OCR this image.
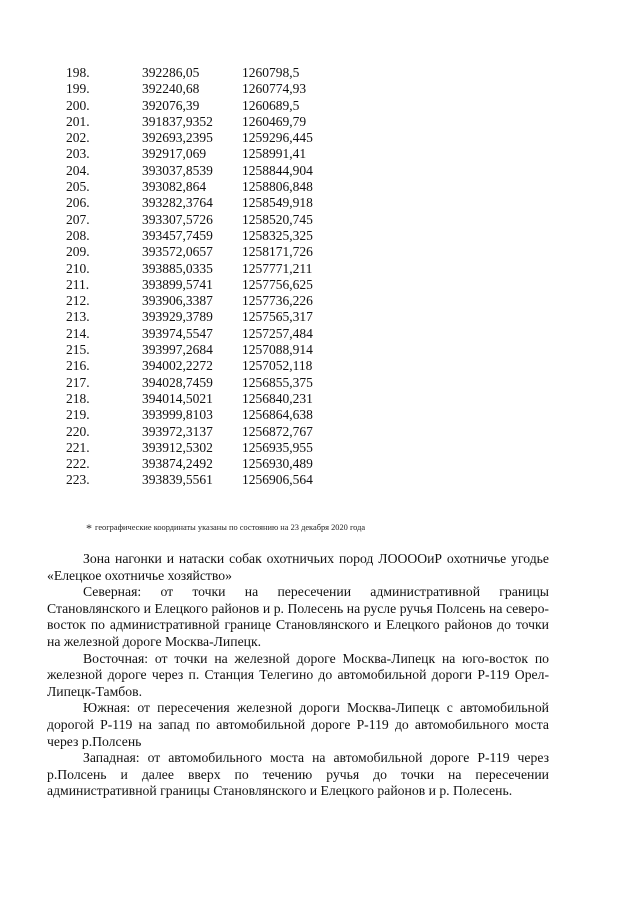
198.	392286,05	1260798,5
199.	392240,68	1260774,93
200.	392076,39	1260689,5
201.	391837,9352	1260469,79
202.	392693,2395	1259296,445
203.	392917,069	1258991,41
204.	393037,8539	1258844,904
205.	393082,864	1258806,848
206.	393282,3764	1258549,918
207.	393307,5726	1258520,745
208.	393457,7459	1258325,325
209.	393572,0657	1258171,726
210.	393885,0335	1257771,211
211.	393899,5741	1257756,625
212.	393906,3387	1257736,226
213.	393929,3789	1257565,317
214.	393974,5547	1257257,484
215.	393997,2684	1257088,914
216.	394002,2272	1257052,118
217.	394028,7459	1256855,375
218.	394014,5021	1256840,231
219.	393999,8103	1256864,638
220.	393972,3137	1256872,767
221.	393912,5302	1256935,955
222.	393874,2492	1256930,489
223.	393839,5561	1256906,564
* географические координаты указаны по состоянию на 23 декабря 2020 года

Зона нагонки и натаски собак охотничьих пород ЛООООиР охотничье угодье «Елецкое охотничье хозяйство»

Северная: от точки на пересечении административной границы Становлянского и Елецкого районов и р. Полесень на русле ручья Полсень на северо-восток по административной границе Становлянского и Елецкого районов до точки на железной дороге Москва-Липецк.

Восточная: от точки на железной дороге Москва-Липецк на юго-восток по железной дороге через п. Станция Телегино до автомобильной дороги Р-119 Орел-Липецк-Тамбов.

Южная: от пересечения железной дороги Москва-Липецк с автомобильной дорогой Р-119 на запад по автомобильной дороге Р-119 до автомобильного моста через р.Полсень

Западная: от автомобильного моста на автомобильной дороге Р-119 через р.Полсень и далее вверх по течению ручья до точки на пересечении административной границы Становлянского и Елецкого районов и р. Полесень.
